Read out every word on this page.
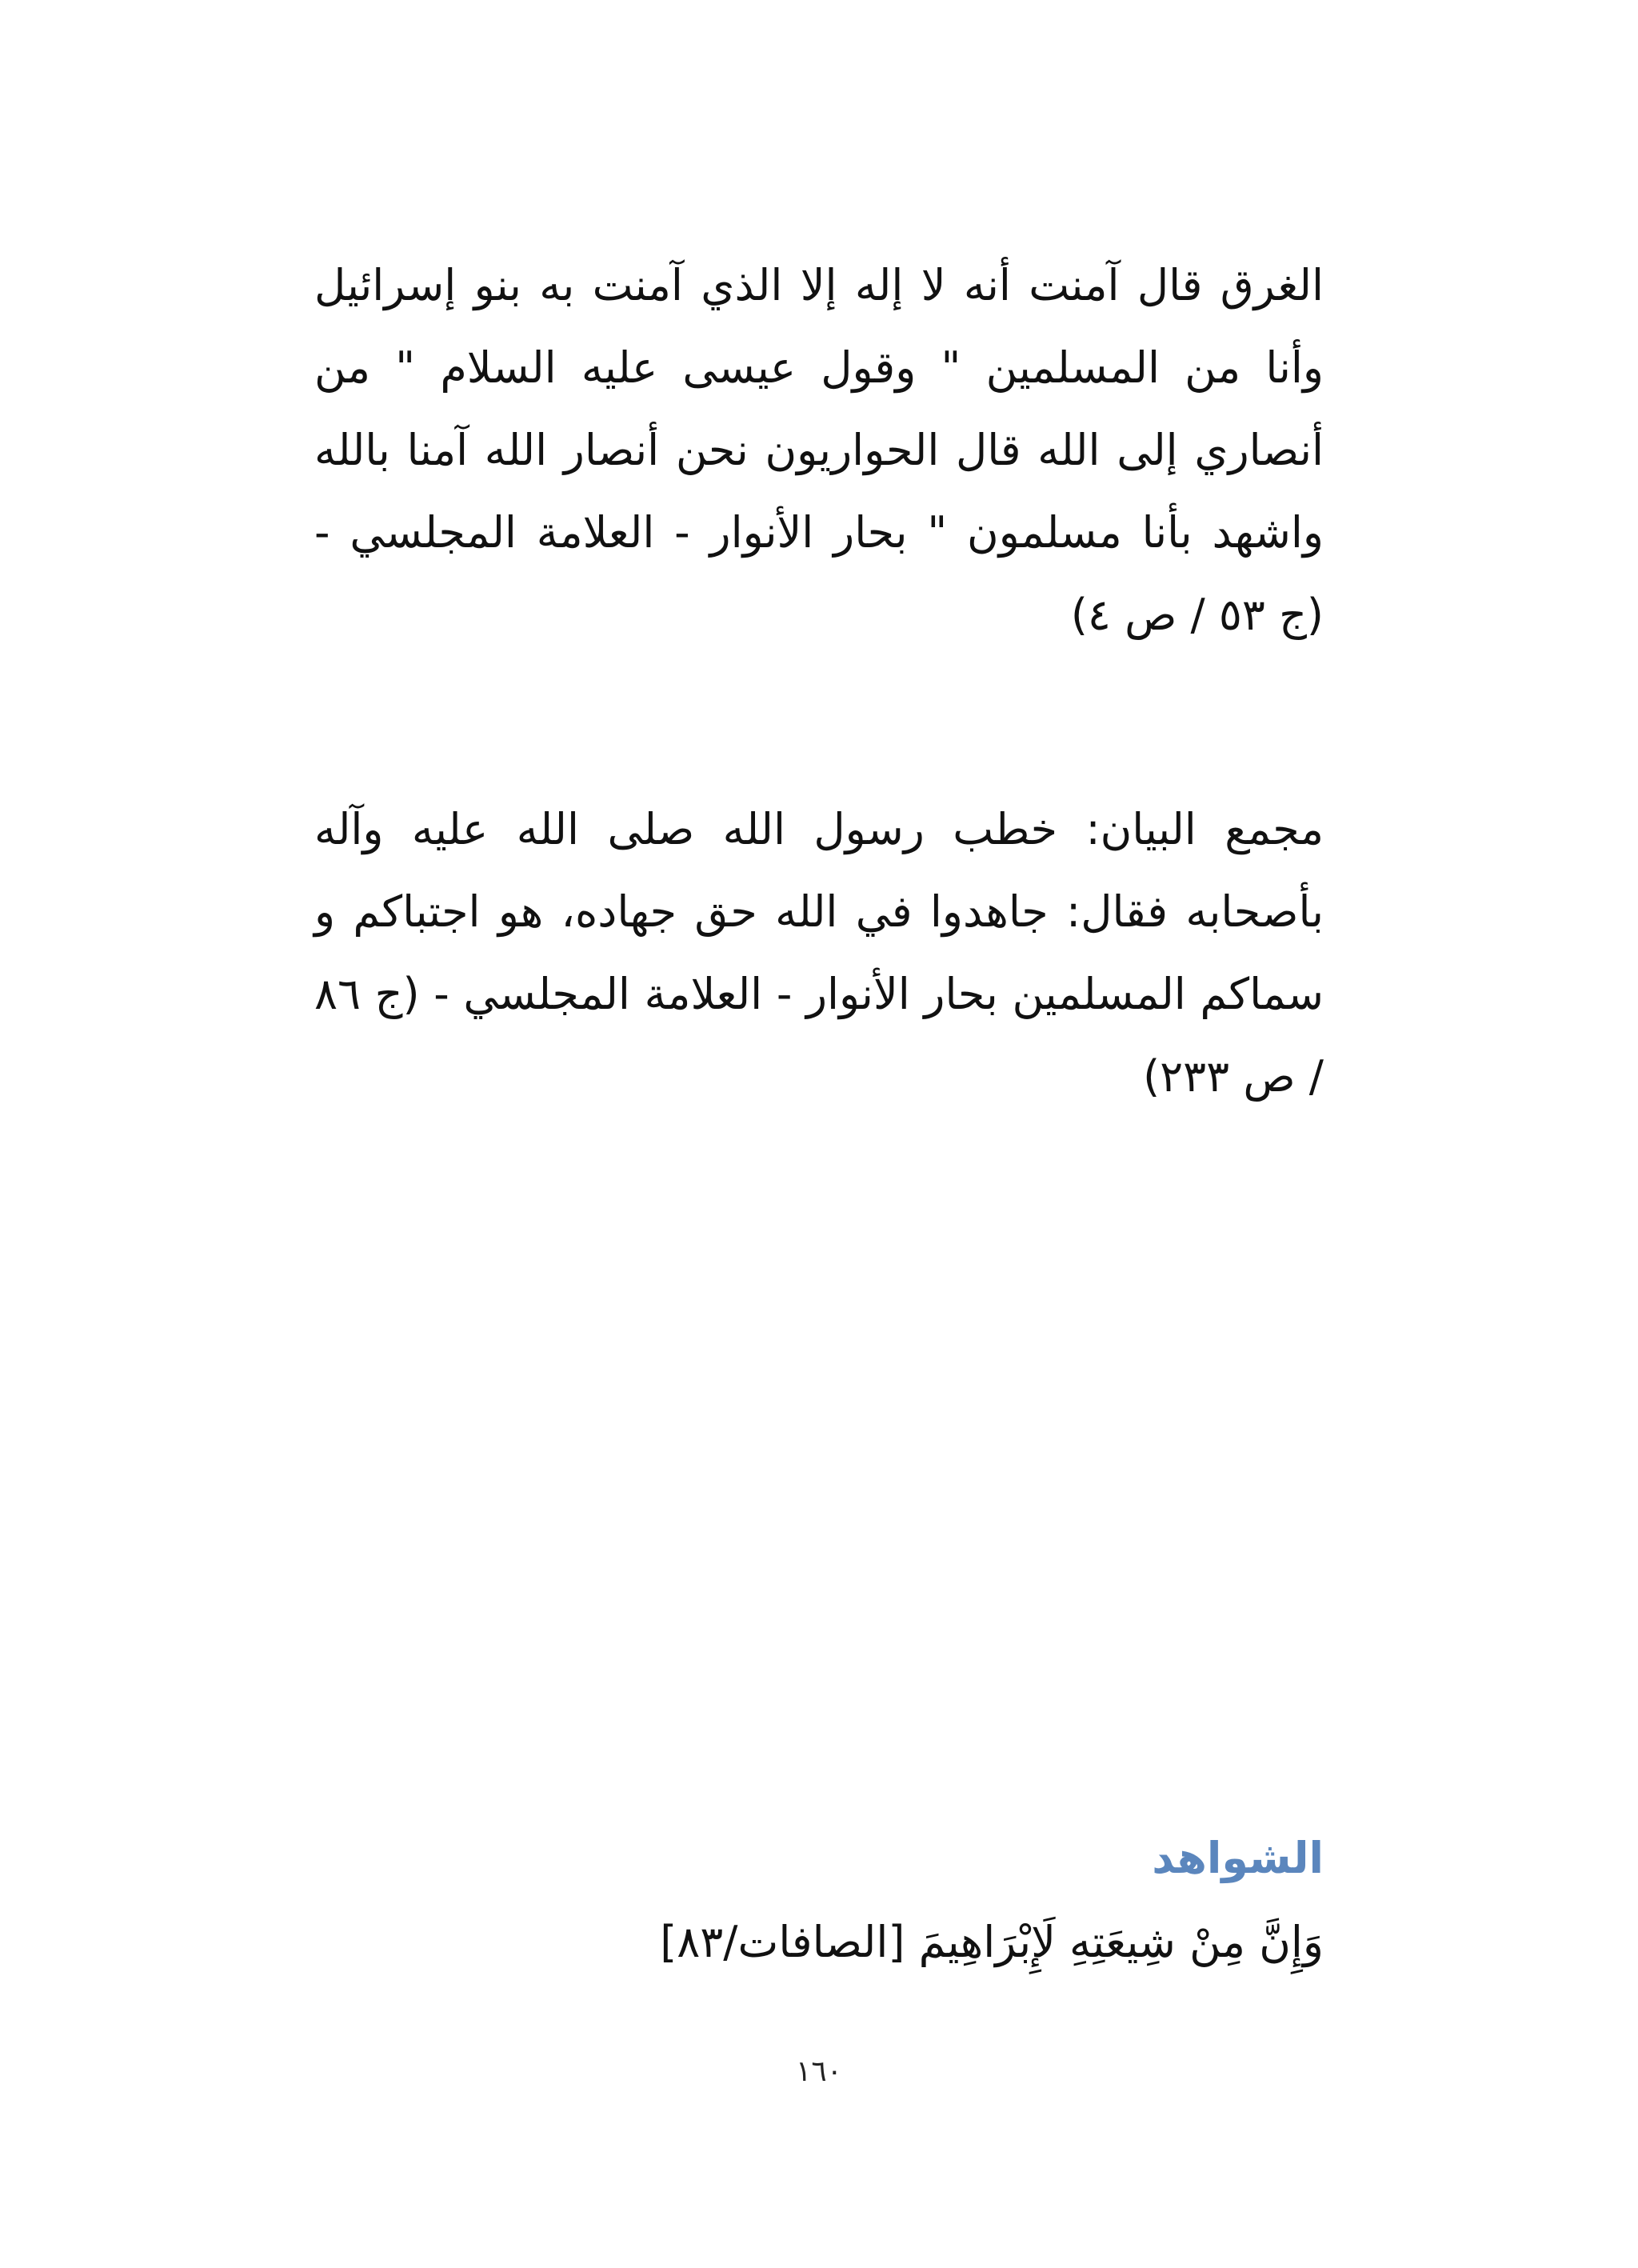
الغرق قال آمنت أنه لا إله إلا الذي آمنت به بنو إسرائيل
وأنا من المسلمين " وقول عيسى عليه السلام " من
أنصاري إلى الله قال الحواريون نحن أنصار الله آمنا بالله
واشهد بأنا مسلمون " بحار الأنوار - العلامة المجلسي -
(ج ٥٣ / ص ٤)
مجمع البيان: خطب رسول الله صلى الله عليه وآله
بأصحابه فقال: جاهدوا في الله حق جهاده، هو اجتباكم و
سماكم المسلمين بحار الأنوار - العلامة المجلسي - (ج ٨٦
/ ص ٢٣٣)
الشواهد

وَإِنَّ مِنْ شِيعَتِهِ لَإِبْرَاهِيمَ [الصافات/٨٣]

١٦٠
